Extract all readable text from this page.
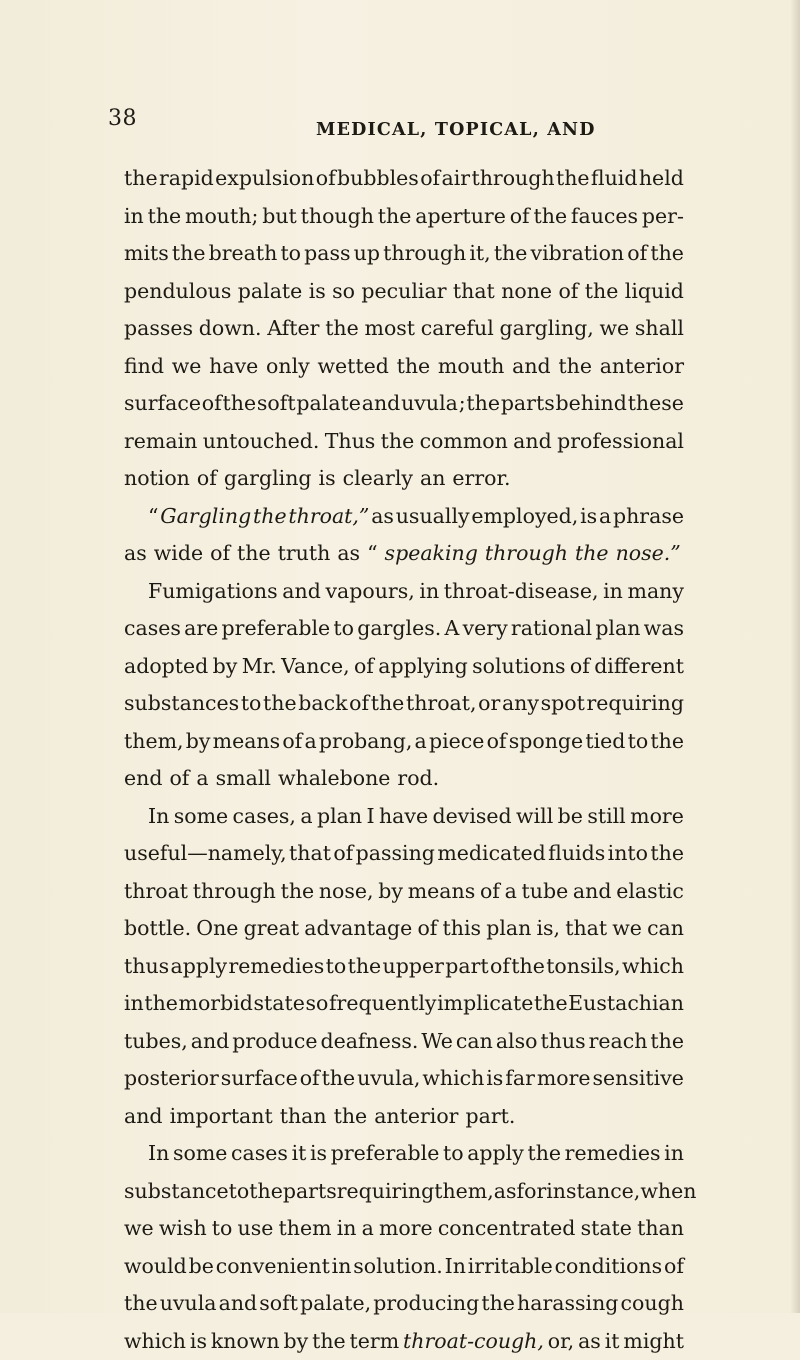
38	MEDICAL, TOPICAL, AND
the rapid expulsion of bubbles of air through the fluid held
in the mouth; but though the aperture of the fauces per-
mits the breath to pass up through it, the vibration of the
pendulous palate is so peculiar that none of the liquid
passes down. After the most careful gargling, we shall
find we have only wetted the mouth and the anterior
surface of the soft palate and uvula ; the parts behind these
remain untouched. Thus the common and professional
notion of gargling is clearly an error.
“ Gargling the throat,” as usually employed, is a phrase
as wide of the truth as “ speaking through the nose.”
Fumigations and vapours, in throat-disease, in many
cases are preferable to gargles. A very rational plan was
adopted by Mr. Vance, of applying solutions of different
substances to the back of the throat, or any spot requiring
them, by means of a probang, a piece of sponge tied to the
end of a small whalebone rod.
In some cases, a plan I have devised will be still more
useful—namely, that of passing medicated fluids into the
throat through the nose, by means of a tube and elastic
bottle. One great advantage of this plan is, that we can
thus apply remedies to the upper part of the tonsils, which
in the morbid state so frequently implicate the Eustachian
tubes, and produce deafness. We can also thus reach the
posterior surface of the uvula, which is far more sensitive
and important than the anterior part.
In some cases it is preferable to apply the remedies in
substance to the parts requiring them, as for instance, when
we wish to use them in a more concentrated state than
would be convenient in solution. In irritable conditions of
the uvula and soft palate, producing the harassing cough
which is known by the term throat-cough, or, as it might
